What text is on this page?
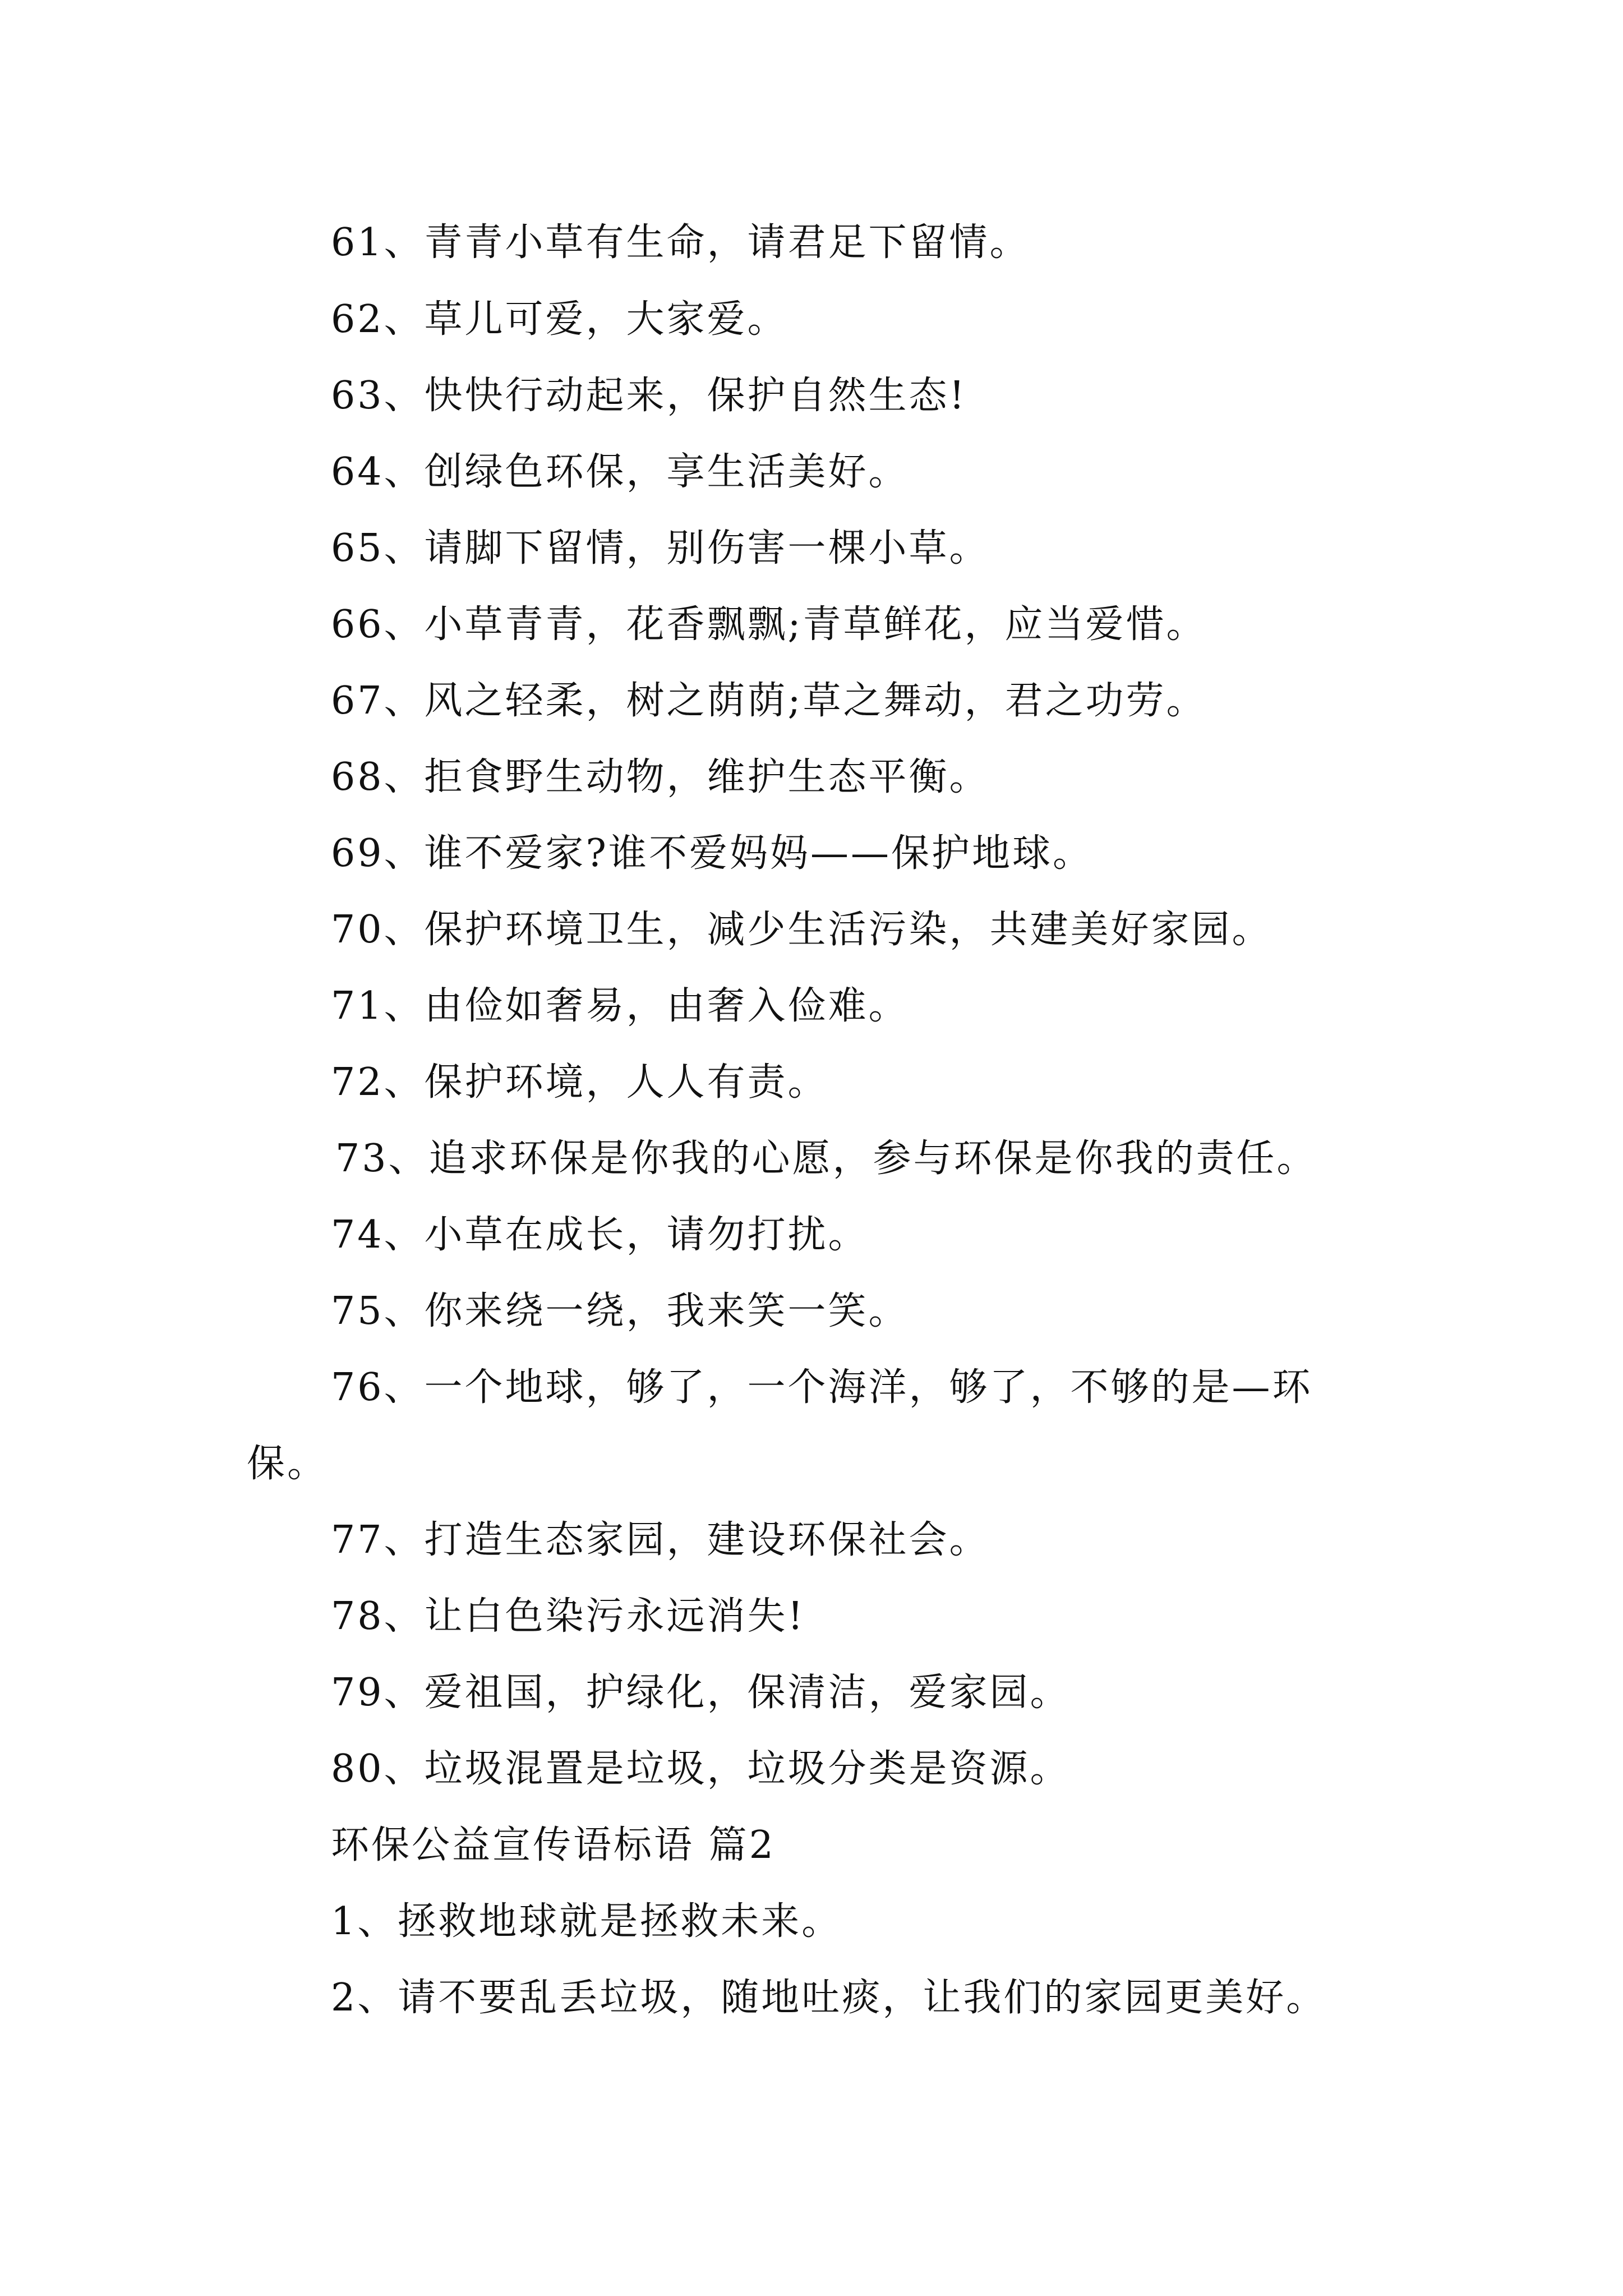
61、青青小草有生命，请君足下留情。
62、草儿可爱，大家爱。
63、快快行动起来，保护自然生态!
64、创绿色环保，享生活美好。
65、请脚下留情，别伤害一棵小草。
66、小草青青，花香飘飘;青草鲜花，应当爱惜。
67、风之轻柔，树之荫荫;草之舞动，君之功劳。
68、拒食野生动物，维护生态平衡。
69、谁不爱家?谁不爱妈妈——保护地球。
70、保护环境卫生，减少生活污染，共建美好家园。
71、由俭如奢易，由奢入俭难。
72、保护环境，人人有责。
73、追求环保是你我的心愿，参与环保是你我的责任。
74、小草在成长，请勿打扰。
75、你来绕一绕，我来笑一笑。
76、一个地球，够了，一个海洋，够了，不够的是—环
保。
77、打造生态家园，建设环保社会。
78、让白色染污永远消失!
79、爱祖国，护绿化，保清洁，爱家园。
80、垃圾混置是垃圾，垃圾分类是资源。
环保公益宣传语标语 篇2
1、拯救地球就是拯救未来。
2、请不要乱丢垃圾，随地吐痰，让我们的家园更美好。
